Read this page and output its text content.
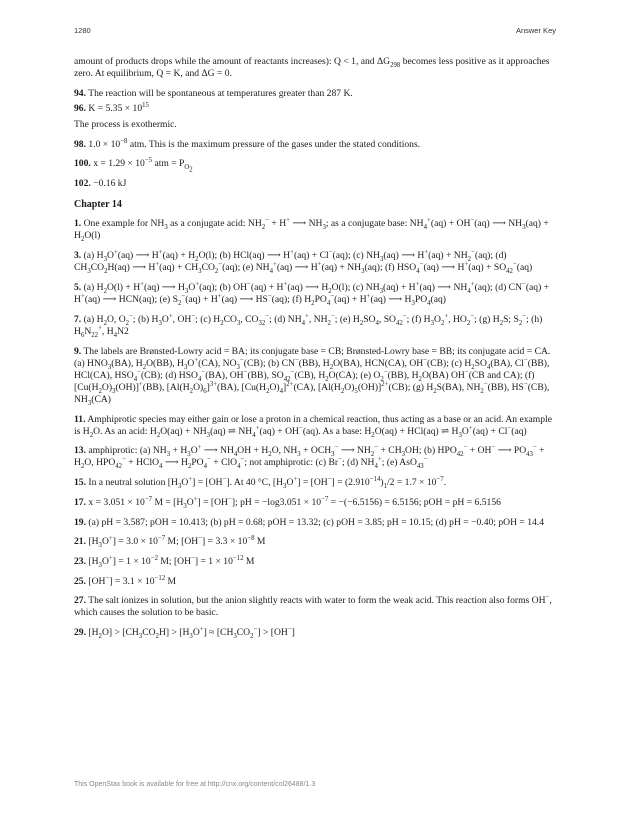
1280	Answer Key

amount of products drops while the amount of reactants increases): Q < 1, and $\Delta G_{298}$ becomes less positive as it approaches zero. At equilibrium, Q = K, and ΔG = 0.

94. The reaction will be spontaneous at temperatures greater than 287 K.

96. $K = 5.35 \times 10^{15}$

The process is exothermic.

98. $1.0 \times 10^{-8}$ atm. This is the maximum pressure of the gases under the stated conditions.

100. $x = 1.29 \times 10^{-5}$ atm = $P_{O_2}$

102. −0.16 kJ

Chapter 14

1. One example for $NH_3$ as a conjugate acid: $NH_2^- + H^+$ ⟶ $NH_3$; as a conjugate base: $NH_4^+(aq) + OH^-(aq)$ ⟶ $NH_3(aq) + H_2O(l)$

3. (a) $H_3O^+(aq)$ ⟶ $H^+(aq) + H_2O(l)$; (b) HCl(aq) ⟶ H+(aq) + Cl−(aq); (c) $NH_3(aq)$ ⟶ $H^+(aq) + NH_2^-(aq)$; (d) $CH_3CO_2H(aq)$ ⟶ $H^+(aq) + CH_3CO_2^-(aq)$; (e) $NH_4^+(aq)$ ⟶ $H^+(aq) + NH_3(aq)$; (f) $HSO_4^-(aq)$ ⟶ $H^+(aq) + SO_{42}^-(aq)$

5. (a) $H_2O(l) + H^+(aq)$ ⟶ $H_3O^+(aq)$; (b) OH−(aq) + H+(aq) ⟶ $H_2O(l)$; (c) $NH_3(aq) + H^+(aq)$ ⟶ $NH_4^+(aq)$; (d) CN−(aq) + H+(aq) ⟶ HCN(aq); (e) $S_2^-(aq) + H^+(aq)$ ⟶ HS−(aq); (f) $H_2PO_4^-(aq) + H^+(aq)$ ⟶ $H_3PO_4(aq)$

7. (a) $H_2O$, $O_2^-$; (b) $H_3O^+$, OH−; (c) $H_2CO_3$, $CO_{32}^-$; (d) $NH_4^+$, $NH_2^-$; (e) $H_2SO_4$, $SO_{42}^-$; (f) $H_3O_2^+$, $HO_2^-$; (g) $H_2S$; $S_2^-$; (h) $H_6N_{22}^+$, $H_4N2$

9. The labels are Brønsted-Lowry acid = BA; its conjugate base = CB; Brønsted-Lowry base = BB; its conjugate acid = CA. (a) $HNO_3(BA)$, $H_2O(BB)$, $H_3O^+(CA)$, $NO_3^-(CB)$; (b) CN−(BB), $H_2O(BA)$, HCN(CA), OH−(CB); (c) $H_2SO_4(BA)$, Cl−(BB), HCl(CA), $HSO_4^-(CB)$; (d) $HSO_4^-(BA)$, OH−(BB), $SO_{42}^-(CB)$, $H_2O(CA)$; (e) $O_2^-(BB)$, $H_2O(BA)$ OH−(CB and CA); (f) $[Cu(H_2O)_3(OH)]^+(BB)$, $[Al(H_2O)_6]^{3+}(BA)$, $[Cu(H_2O)_4]^{2+}(CA)$, $[Al(H_2O)_5(OH)]^{2+}(CB)$; (g) $H_2S(BA)$, $NH_2^-(BB)$, HS−(CB), $NH_3(CA)$

11. Amphiprotic species may either gain or lose a proton in a chemical reaction, thus acting as a base or an acid. An example is $H_2O$. As an acid: $H_2O(aq) + NH_3(aq)$ ⇌ $NH_4^+(aq) + OH^-(aq)$. As a base: $H_2O(aq) + HCl(aq)$ ⇌ $H_3O^+(aq) + Cl^-(aq)$

13. amphiprotic: (a) $NH_3 + H_3O^+$ ⟶ $NH_4OH + H_2O$, $NH_3 + OCH_3^-$ ⟶ $NH_2^- + CH_3OH$; (b) $HPO_{42}^- + OH^-$ ⟶ $PO_{43}^- + H_2O$, $HPO_{42}^-$ + HClO$_4$ ⟶ $H_2PO_4^- + ClO_4^-$; not amphiprotic: (c) Br−; (d) $NH_4^+$; (e) AsO$_{43}$−

15. In a neutral solution $[H_3O^+] = [OH^-]$. At 40 °C, $[H_3O^+] = [OH^-] = (2.910^{-14})_1/2 = 1.7 \times 10^{-7}$.

17. $x = 3.051 \times 10^{-7}$ $M = [H_3O^+] = [OH^-]$; pH = $-\log 3.051 \times 10^{-7} = -(-6.5156) = 6.5156$; pOH = pH = 6.5156

19. (a) pH = 3.587; pOH = 10.413; (b) pH = 0.68; pOH = 13.32; (c) pOH = 3.85; pH = 10.15; (d) pH = −0.40; pOH = 14.4

21. $[H_3O^+] = 3.0 \times 10^{-7}$ M; $[OH^-] = 3.3 \times 10^{-8}$ M

23. $[H_3O^+] = 1 \times 10^{-2}$ M; $[OH^-] = 1 \times 10^{-12}$ M

25. $[OH^-] = 3.1 \times 10^{-12}$ M

27. The salt ionizes in solution, but the anion slightly reacts with water to form the weak acid. This reaction also forms OH−, which causes the solution to be basic.

29. $[H_2O] > [CH_3CO_2H] > [H_3O^+] \approx [CH_3CO_2^-] > [OH^-]$

This OpenStax book is available for free at http://cnx.org/content/col26488/1.3
